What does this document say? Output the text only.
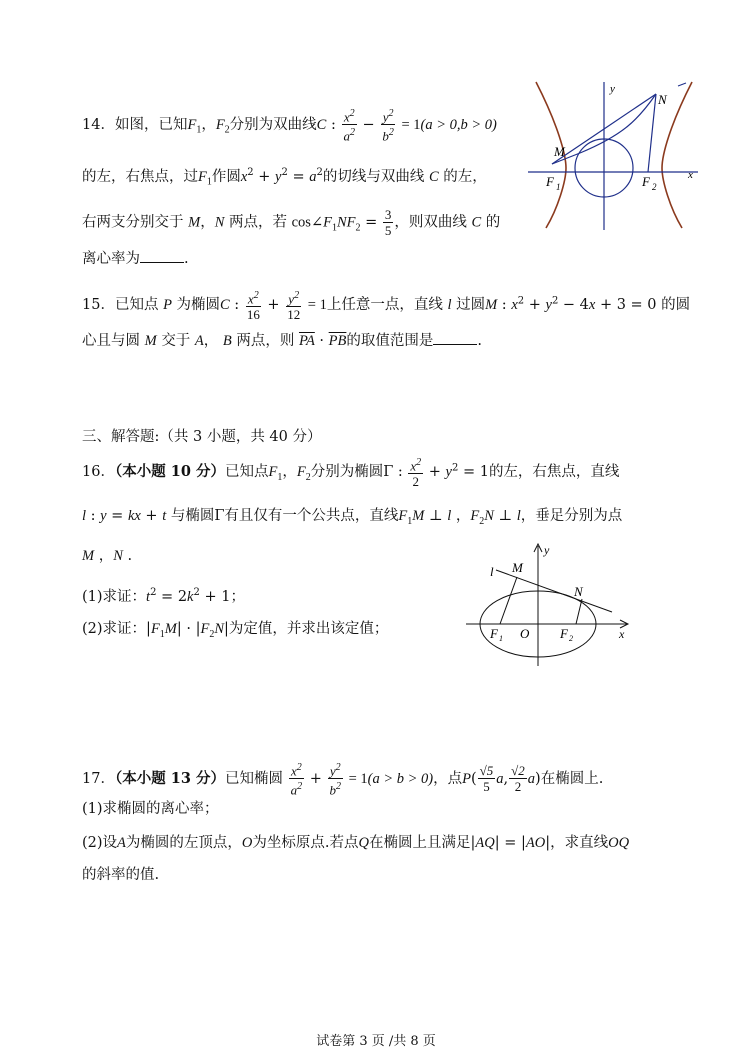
14．如图，已知$F_1$，$F_2$分别为双曲线C : $\frac{x^2}{a^2} - \frac{y^2}{b^2} = 1(a > 0,b > 0)$
的左，右焦点，过$F_1$作圆$x^2 + y^2 = a^2$的切线与双曲线 C 的左，
右两支分别交于 M，N 两点，若 $\cos\angle F_1NF_2 = \frac{3}{5}$ ，则双曲线 C 的
离心率为	.
y
x
M
N
F 1	F 2
15．已知点 P 为椭圆C : $\frac{x^2}{16} + \frac{y^2}{12} = 1$上任意一点，直线 l 过圆M : $x^2 + y^2 - 4x + 3 = 0$ 的圆
心且与圆 M 交于 A， B 两点，则 $\overline{PA} \cdot \overline{PB}$的取值范围是	.
三、解答题:（共 3 小题，共 40 分）
16．（本小题 10 分）已知点$F_1$，$F_2$分别为椭圆Γ : $\frac{x^2}{2} + y^2 = 1$的左，右焦点，直线
l : y = kx + t 与椭圆Γ有且仅有一个公共点，直线$F_1M$ ⊥ l ，$F_2N$ ⊥ l，垂足分别为点
M ，N .
(1)求证：$t^2 = 2k^2 + 1$；
(2)求证：$|F_1M| \cdot |F_2N|$为定值，并求出该定值；
y
l M
N
F 1 O F 2	x
17．（本小题 13 分）已知椭圆 $\frac{x^2}{a^2} + \frac{y^2}{b^2} = 1(a > b > 0)$，点$P( \frac{√5}{5} a$, $\frac{√2}{2} a$)在椭圆上.
(1)求椭圆的离心率；
(2)设A为椭圆的左顶点，O为坐标原点.若点Q在椭圆上且满足|AQ| = |AO|，求直线OQ
的斜率的值.
试卷第 3 页 /共 8 页
